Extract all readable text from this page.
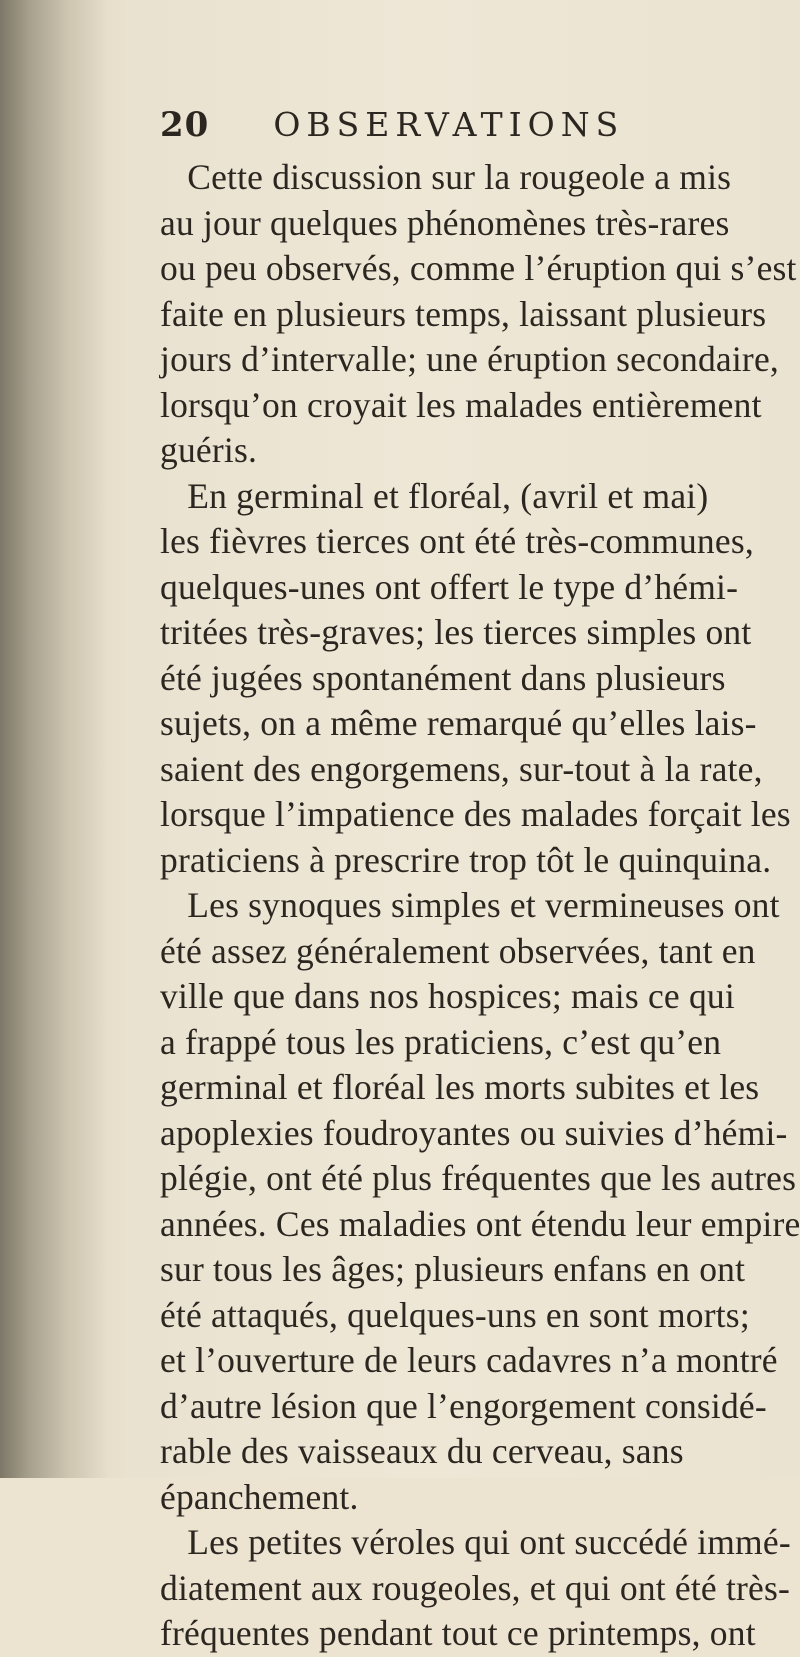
20 OBSERVATIONS
Cette discussion sur la rougeole a mis
au jour quelques phénomènes très-rares
ou peu observés, comme l’éruption qui s’est
faite en plusieurs temps, laissant plusieurs
jours d’intervalle; une éruption secondaire,
lorsqu’on croyait les malades entièrement
guéris.
En germinal et floréal, (avril et mai)
les fièvres tierces ont été très-communes,
quelques-unes ont offert le type d’hémi-
tritées très-graves; les tierces simples ont
été jugées spontanément dans plusieurs
sujets, on a même remarqué qu’elles lais-
saient des engorgemens, sur-tout à la rate,
lorsque l’impatience des malades forçait les
praticiens à prescrire trop tôt le quinquina.
Les synoques simples et vermineuses ont
été assez généralement observées, tant en
ville que dans nos hospices; mais ce qui
a frappé tous les praticiens, c’est qu’en
germinal et floréal les morts subites et les
apoplexies foudroyantes ou suivies d’hémi-
plégie, ont été plus fréquentes que les autres
années. Ces maladies ont étendu leur empire
sur tous les âges; plusieurs enfans en ont
été attaqués, quelques-uns en sont morts;
et l’ouverture de leurs cadavres n’a montré
d’autre lésion que l’engorgement considé-
rable des vaisseaux du cerveau, sans
épanchement.
Les petites véroles qui ont succédé immé-
diatement aux rougeoles, et qui ont été très-
fréquentes pendant tout ce printemps, ont
